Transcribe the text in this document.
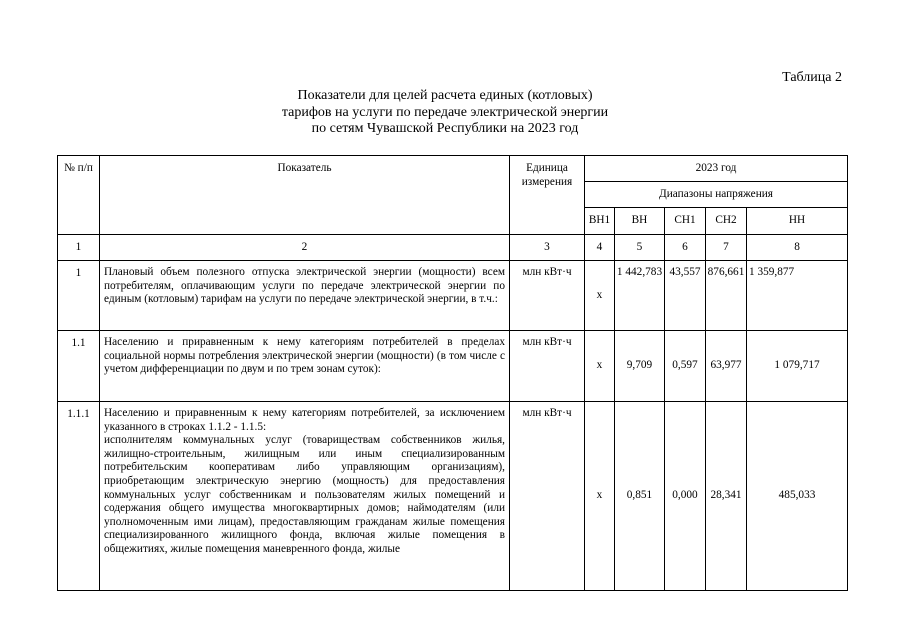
Таблица 2
Показатели для целей расчета единых (котловых)
тарифов на услуги по передаче электрической энергии
по сетям Чувашской Республики на 2023 год
№ п/п	Показатель	Единица измерения	2023 год				
			Диапазоны напряжения				
			ВН1	ВН	СН1	СН2	НН
1	2	3	4	5	6	7	8
1	Плановый объем полезного отпуска электрической энергии (мощности) всем потребителям, оплачивающим услуги по передаче электрической энергии по единым (котловым) тарифам на услуги по передаче электрической энергии, в т.ч.:	млн кВт·ч	х	1 442,783	43,557	876,661	1 359,877
1.1	Населению и приравненным к нему категориям потребителей в пределах социальной нормы потребления электрической энергии (мощности) (в том числе с учетом дифференциации по двум и по трем зонам суток):	млн кВт·ч	х	9,709	0,597	63,977	1 079,717
1.1.1	Населению и приравненным к нему категориям потребителей, за исключением указанного в строках 1.1.2 - 1.1.5:
исполнителям коммунальных услуг (товариществам собственников жилья, жилищно-строительным, жилищным или иным специализированным потребительским кооперативам либо управляющим организациям), приобретающим электрическую энергию (мощность) для предоставления коммунальных услуг собственникам и пользователям жилых помещений и содержания общего имущества многоквартирных домов; наймодателям (или уполномоченным ими лицам), предоставляющим гражданам жилые помещения специализированного жилищного фонда, включая жилые помещения в общежитиях, жилые помещения маневренного фонда, жилые	млн кВт·ч	х	0,851	0,000	28,341	485,033
